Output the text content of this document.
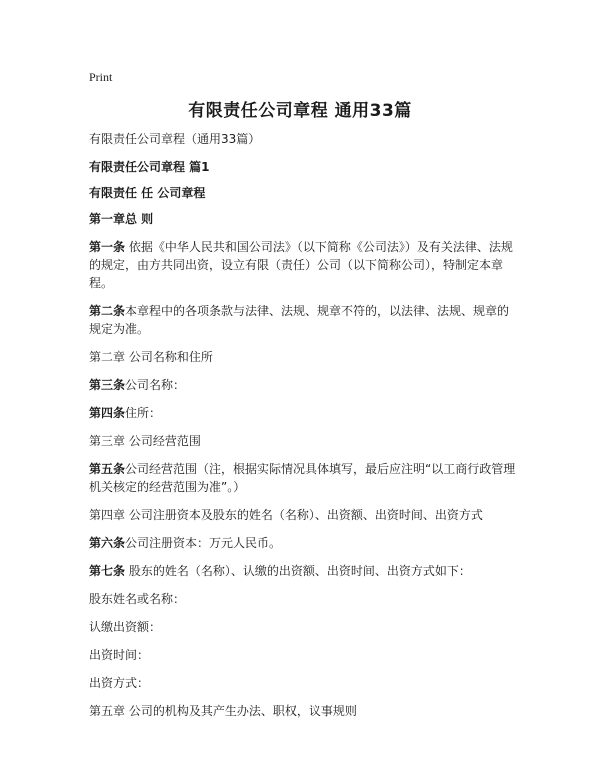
Print
有限责任公司章程 通用33篇

有限责任公司章程（通用33篇）

有限责任公司章程 篇1

有限责任 任 公司章程

第一章总 则

第一条 依据《中华人民共和国公司法》（以下简称《公司法》）及有关法律、法规的规定，由方共同出资，设立有限（责任）公司（以下简称公司），特制定本章程。

第二条本章程中的各项条款与法律、法规、规章不符的，以法律、法规、规章的规定为准。

第二章 公司名称和住所

第三条公司名称：

第四条住所：

第三章 公司经营范围

第五条公司经营范围（注，根据实际情况具体填写，最后应注明“以工商行政管理机关核定的经营范围为准”。）

第四章 公司注册资本及股东的姓名（名称）、出资额、出资时间、出资方式

第六条公司注册资本：万元人民币。

第七条 股东的姓名（名称）、认缴的出资额、出资时间、出资方式如下：

股东姓名或名称：

认缴出资额：

出资时间：

出资方式：

第五章 公司的机构及其产生办法、职权，议事规则
